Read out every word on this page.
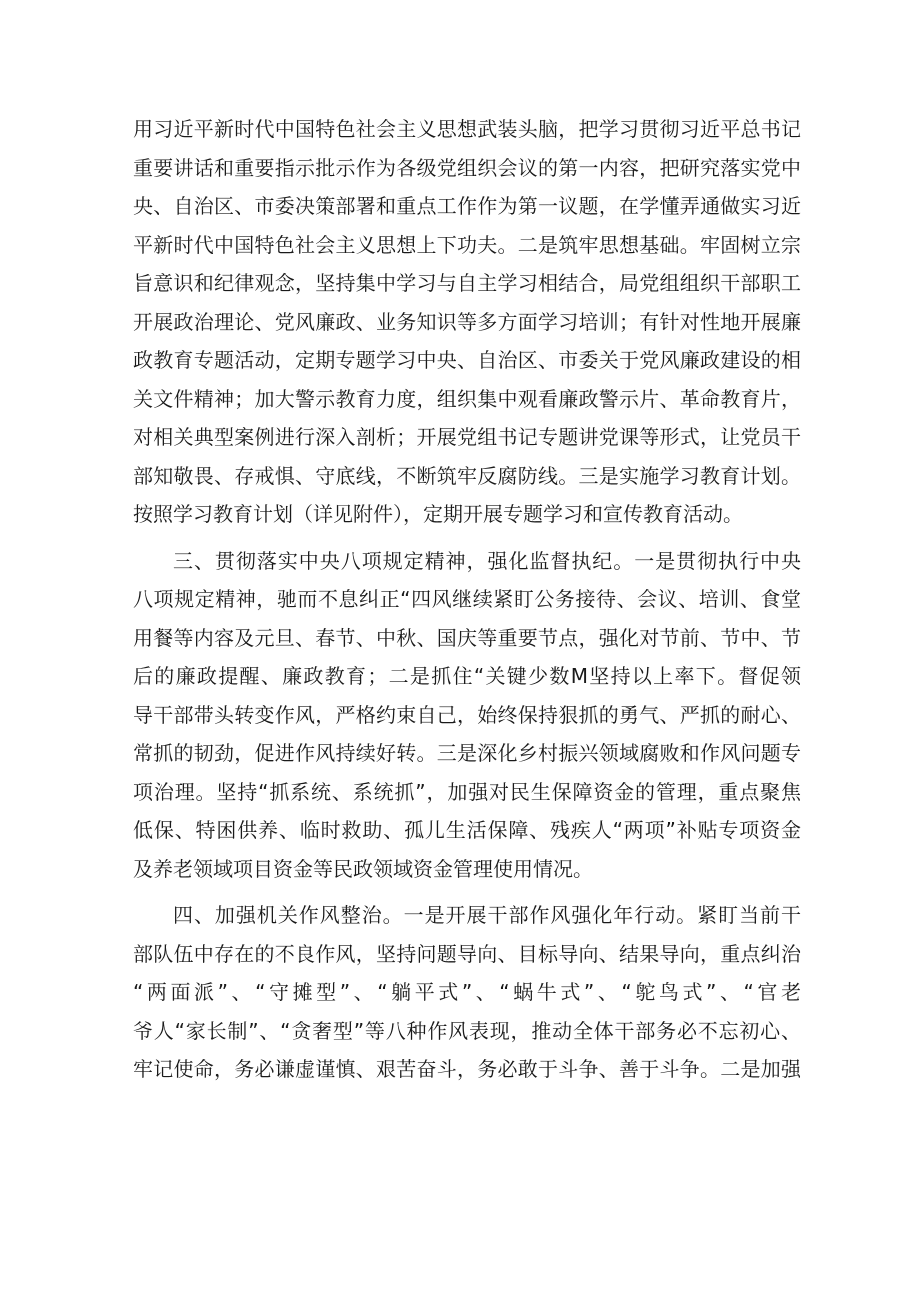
用习近平新时代中国特色社会主义思想武装头脑，把学习贯彻习近平总书记
重要讲话和重要指示批示作为各级党组织会议的第一内容，把研究落实党中
央、自治区、市委决策部署和重点工作作为第一议题，在学懂弄通做实习近
平新时代中国特色社会主义思想上下功夫。二是筑牢思想基础。牢固树立宗
旨意识和纪律观念，坚持集中学习与自主学习相结合，局党组组织干部职工
开展政治理论、党风廉政、业务知识等多方面学习培训；有针对性地开展廉
政教育专题活动，定期专题学习中央、自治区、市委关于党风廉政建设的相
关文件精神；加大警示教育力度，组织集中观看廉政警示片、革命教育片，
对相关典型案例进行深入剖析；开展党组书记专题讲党课等形式，让党员干
部知敬畏、存戒惧、守底线，不断筑牢反腐防线。三是实施学习教育计划。
按照学习教育计划（详见附件），定期开展专题学习和宣传教育活动。
三、贯彻落实中央八项规定精神，强化监督执纪。一是贯彻执行中央
八项规定精神，驰而不息纠正“四风继续紧盯公务接待、会议、培训、食堂
用餐等内容及元旦、春节、中秋、国庆等重要节点，强化对节前、节中、节
后的廉政提醒、廉政教育；二是抓住“关键少数M坚持以上率下。督促领
导干部带头转变作风，严格约束自己，始终保持狠抓的勇气、严抓的耐心、
常抓的韧劲，促进作风持续好转。三是深化乡村振兴领域腐败和作风问题专
项治理。坚持“抓系统、系统抓”，加强对民生保障资金的管理，重点聚焦
低保、特困供养、临时救助、孤儿生活保障、残疾人“两项”补贴专项资金
及养老领域项目资金等民政领域资金管理使用情况。
四、加强机关作风整治。一是开展干部作风强化年行动。紧盯当前干
部队伍中存在的不良作风，坚持问题导向、目标导向、结果导向，重点纠治
“两面派”、“守摊型”、“躺平式”、“蜗牛式”、“鸵鸟式”、“官老
爷人“家长制”、“贪奢型”等八种作风表现，推动全体干部务必不忘初心、
牢记使命，务必谦虚谨慎、艰苦奋斗，务必敢于斗争、善于斗争。二是加强
